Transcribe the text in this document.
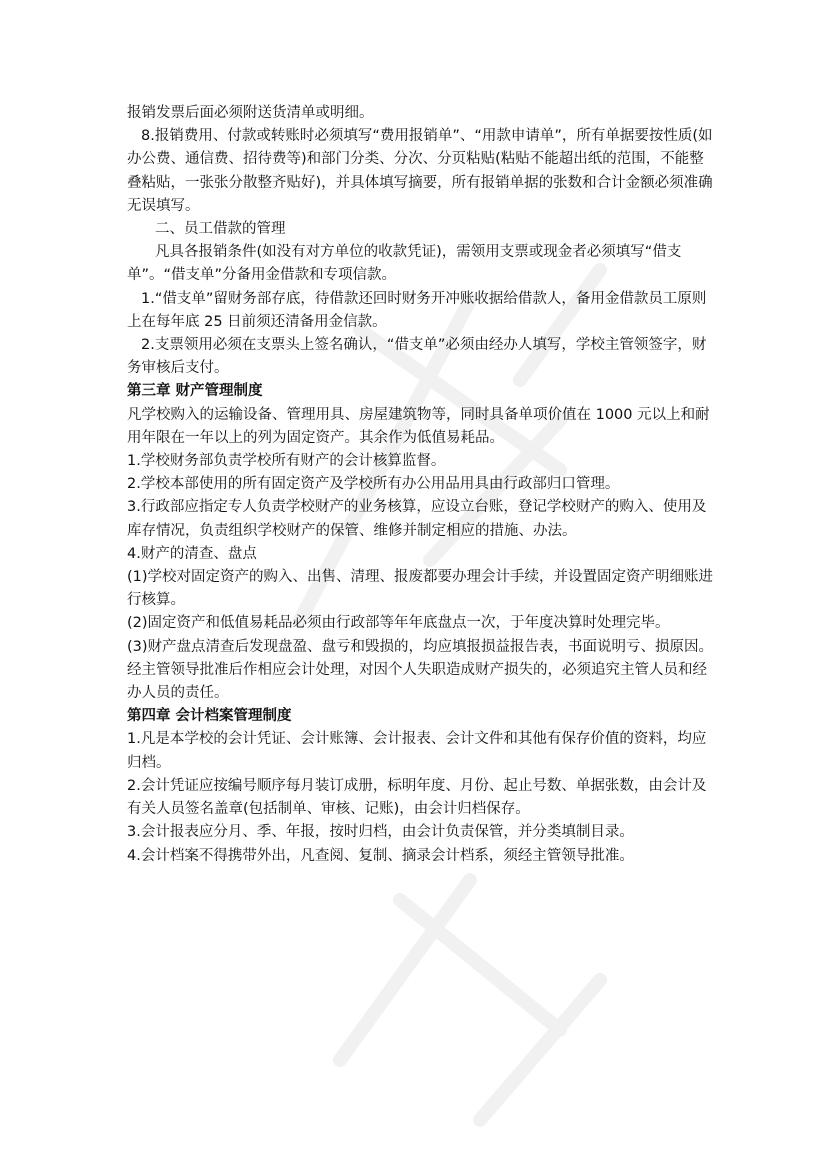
报销发票后面必须附送货清单或明细。

8.报销费用、付款或转账时必须填写“费用报销单”、“用款申请单”，所有单据要按性质(如办公费、通信费、招待费等)和部门分类、分次、分页粘贴(粘贴不能超出纸的范围，不能整叠粘贴，一张张分散整齐贴好)，并具体填写摘要，所有报销单据的张数和合计金额必须准确无误填写。

二、员工借款的管理

凡具各报销条件(如没有对方单位的收款凭证)，需领用支票或现金者必须填写“借支单”。“借支单”分备用金借款和专项信款。

1.“借支单”留财务部存底，待借款还回时财务开冲账收据给借款人，备用金借款员工原则上在每年底 25 日前须还清备用金信款。

2.支票领用必须在支票头上签名确认，“借支单”必须由经办人填写，学校主管领签字，财务审核后支付。

第三章 财产管理制度

凡学校购入的运输设备、管理用具、房屋建筑物等，同时具备单项价值在 1000 元以上和耐用年限在一年以上的列为固定资产。其余作为低值易耗品。

1.学校财务部负责学校所有财产的会计核算监督。

2.学校本部使用的所有固定资产及学校所有办公用品用具由行政部归口管理。

3.行政部应指定专人负责学校财产的业务核算，应设立台账，登记学校财产的购入、使用及库存情况，负责组织学校财产的保管、维修并制定相应的措施、办法。

4.财产的清查、盘点

(1)学校对固定资产的购入、出售、清理、报废都要办理会计手续，并设置固定资产明细账进行核算。

(2)固定资产和低值易耗品必须由行政部等年年底盘点一次，于年度决算时处理完毕。

(3)财产盘点清查后发现盘盈、盘亏和毁损的，均应填报损益报告表，书面说明亏、损原因。经主管领导批准后作相应会计处理，对因个人失职造成财产损失的，必须追究主管人员和经办人员的责任。

第四章 会计档案管理制度

1.凡是本学校的会计凭证、会计账簿、会计报表、会计文件和其他有保存价值的资料，均应归档。

2.会计凭证应按编号顺序每月装订成册，标明年度、月份、起止号数、单据张数，由会计及有关人员签名盖章(包括制单、审核、记账)，由会计归档保存。

3.会计报表应分月、季、年报，按时归档，由会计负责保管，并分类填制目录。

4.会计档案不得携带外出，凡查阅、复制、摘录会计档系，须经主管领导批准。
